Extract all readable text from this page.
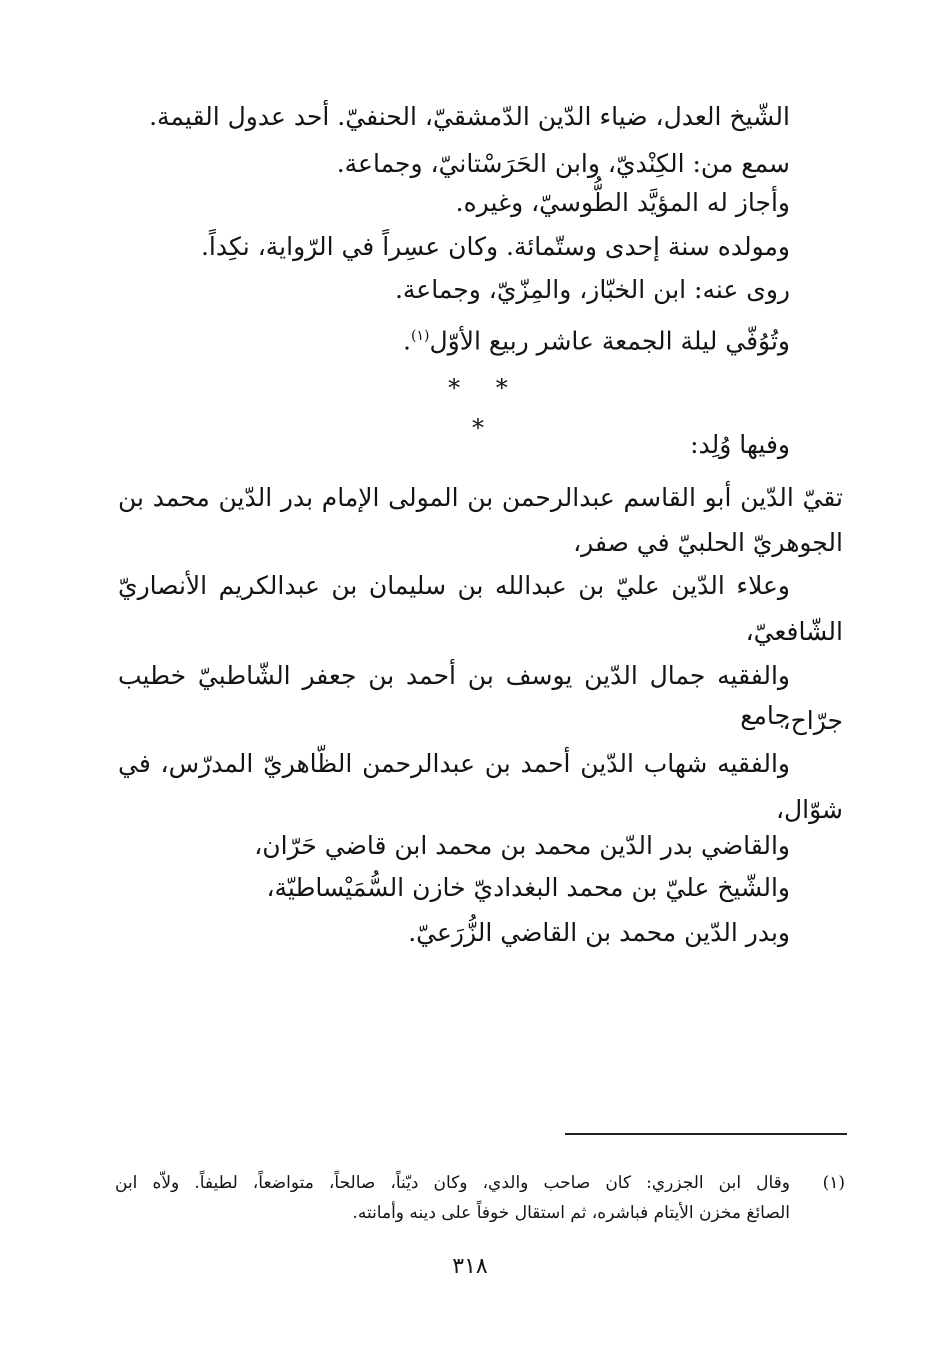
الشّيخ العدل، ضياء الدّين الدّمشقيّ، الحنفيّ. أحد عدول القيمة.
سمع من: الكِنْديّ، وابن الحَرَسْتانيّ، وجماعة.
وأجاز له المؤيَّد الطُّوسيّ، وغيره.
ومولده سنة إحدى وستّمائة. وكان عسِراً في الرّواية، نكِداً.
روى عنه: ابن الخبّاز، والمِزّيّ، وجماعة.
وتُوُفّي ليلة الجمعة عاشر ربيع الأوّل$^{(١)}$.
* * *
وفيها وُلِد:
تقيّ الدّين أبو القاسم عبدالرحمن بن المولى الإمام بدر الدّين محمد بن
الجوهريّ الحلبيّ في صفر،
وعلاء الدّين عليّ بن عبدالله بن سليمان بن عبدالكريم الأنصاريّ
الشّافعيّ،
والفقيه جمال الدّين يوسف بن أحمد بن جعفر الشّاطبيّ خطيب جامع
جرّاح،
والفقيه شهاب الدّين أحمد بن عبدالرحمن الظّاهريّ المدرّس، في
شوّال،
والقاضي بدر الدّين محمد بن محمد ابن قاضي حَرّان،
والشّيخ عليّ بن محمد البغداديّ خازن السُّمَيْساطيّة،
وبدر الدّين محمد بن القاضي الزُّرَعيّ.
(١)
وقال ابن الجزري: كان صاحب والدي، وكان ديّناً، صالحاً، متواضعاً، لطيفاً. ولاّه ابن
الصائغ مخزن الأيتام فباشره، ثم استقال خوفاً على دينه وأمانته.
٣١٨
